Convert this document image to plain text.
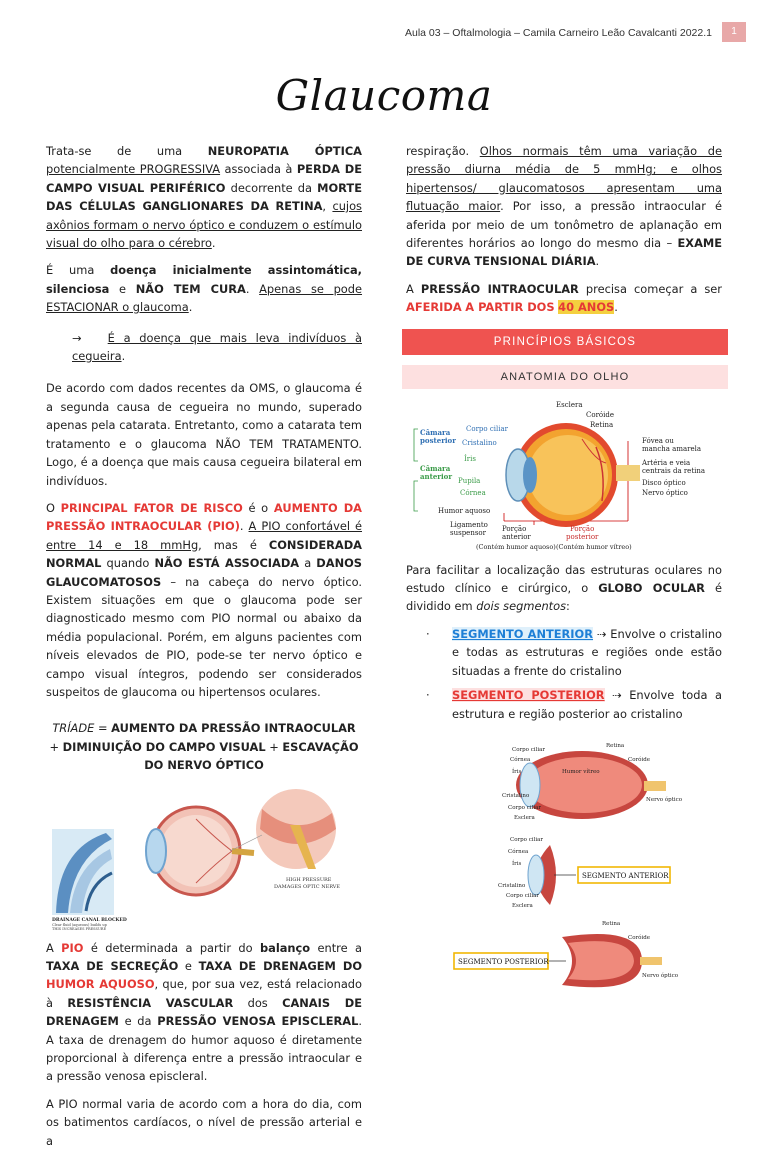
Aula 03 – Oftalmologia – Camila Carneiro Leão Cavalcanti 2022.1	1
Glaucoma

Trata-se de uma NEUROPATIA ÓPTICA potencialmente PROGRESSIVA associada à PERDA DE CAMPO VISUAL PERIFÉRICO decorrente da MORTE DAS CÉLULAS GANGLIONARES DA RETINA, cujos axônios formam o nervo óptico e conduzem o estímulo visual do olho para o cérebro.

É uma doença inicialmente assintomática, silenciosa e NÃO TEM CURA. Apenas se pode ESTACIONAR o glaucoma.

→ É a doença que mais leva indivíduos à cegueira.

De acordo com dados recentes da OMS, o glaucoma é a segunda causa de cegueira no mundo, superado apenas pela catarata. Entretanto, como a catarata tem tratamento e o glaucoma NÃO TEM TRATAMENTO. Logo, é a doença que mais causa cegueira bilateral em indivíduos.

O PRINCIPAL FATOR DE RISCO é o AUMENTO DA PRESSÃO INTRAOCULAR (PIO). A PIO confortável é entre 14 e 18 mmHg, mas é CONSIDERADA NORMAL quando NÃO ESTÁ ASSOCIADA a DANOS GLAUCOMATOSOS – na cabeça do nervo óptico. Existem situações em que o glaucoma pode ser diagnosticado mesmo com PIO normal ou abaixo da média populacional. Porém, em alguns pacientes com níveis elevados de PIO, pode-se ter nervo óptico e campo visual íntegros, podendo ser considerados suspeitos de glaucoma ou hipertensos oculares.

TRÍADE = AUMENTO DA PRESSÃO INTRAOCULAR + DIMINUIÇÃO DO CAMPO VISUAL + ESCAVAÇÃO DO NERVO ÓPTICO

HIGH PRESSURE
DAMAGES OPTIC NERVE
DRAINAGE CANAL BLOCKED
Clear fluid (aqueous) builds up
THIS INCREASES PRESSURE

A PIO é determinada a partir do balanço entre a TAXA DE SECREÇÃO e TAXA DE DRENAGEM DO HUMOR AQUOSO, que, por sua vez, está relacionado à RESISTÊNCIA VASCULAR dos CANAIS DE DRENAGEM e da PRESSÃO VENOSA EPISCLERAL. A taxa de drenagem do humor aquoso é diretamente proporcional à diferença entre a pressão intraocular e a pressão venosa episcleral.

A PIO normal varia de acordo com a hora do dia, com os batimentos cardíacos, o nível de pressão arterial e a

respiração. Olhos normais têm uma variação de pressão diurna média de 5 mmHg; e olhos hipertensos/ glaucomatosos apresentam uma flutuação maior. Por isso, a pressão intraocular é aferida por meio de um tonômetro de aplanação em diferentes horários ao longo do mesmo dia – EXAME DE CURVA TENSIONAL DIÁRIA.

A PRESSÃO INTRAOCULAR precisa começar a ser AFERIDA A PARTIR DOS 40 ANOS.

PRINCÍPIOS BÁSICOS
ANATOMIA DO OLHO
Esclera
Coróide
Retina
Fóvea ou
mancha amarela
Artéria e veia
centrais da retina
Disco óptico
Nervo óptico
Câmara
posterior
Corpo ciliar
Cristalino
Câmara
anterior
Íris
Pupila
Córnea
Humor aquoso
Ligamento
suspensor Porção
anterior
(Contém humor aquoso)
Porção
posterior
(Contém humor vítreo)

Para facilitar a localização das estruturas oculares no estudo clínico e cirúrgico, o GLOBO OCULAR é dividido em dois segmentos:

· SEGMENTO ANTERIOR ⇢ Envolve o cristalino e todas as estruturas e regiões onde estão situadas a frente do cristalino
· SEGMENTO POSTERIOR ⇢ Envolve toda a estrutura e região posterior ao cristalino
Corpo ciliar
Córnea
Íris
Cristalino
Corpo ciliar
Esclera
Retina
Coróide
Humor vítreo
Nervo óptico
SEGMENTO ANTERIOR
Corpo ciliar
Córnea
Íris
Cristalino
Corpo ciliar
Esclera
SEGMENTO POSTERIOR
Retina
Coróide
Nervo óptico
